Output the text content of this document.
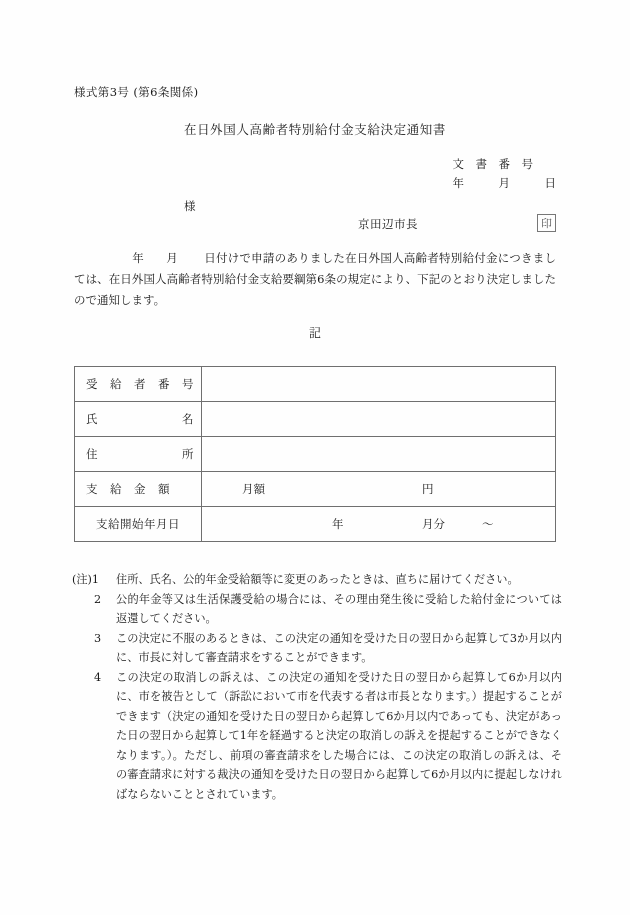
様式第3号 (第6条関係)
在日外国人高齢者特別給付金支給決定通知書
文　書　番　号
年　　　月　　　日
様
京田辺市長	印
年 月 日付けで申請のありました在日外国人高齢者特別給付金につきましては、在日外国人高齢者特別給付金支給要綱第6条の規定により、下記のとおり決定しましたので通知します。
記
受　給　者　番　号	

氏　　　　　　　名	

住　　　　　　　所	

支　給　金　額	月額 円

支給開始年月日	年 月分 ～
(注)1	住所、氏名、公的年金受給額等に変更のあったときは、直ちに届けてください。
2	公的年金等又は生活保護受給の場合には、その理由発生後に受給した給付金については返還してください。
3	この決定に不服のあるときは、この決定の通知を受けた日の翌日から起算して3か月以内に、市長に対して審査請求をすることができます。
4	この決定の取消しの訴えは、この決定の通知を受けた日の翌日から起算して6か月以内に、市を被告として（訴訟において市を代表する者は市長となります。）提起することができます（決定の通知を受けた日の翌日から起算して6か月以内であっても、決定があった日の翌日から起算して1年を経過すると決定の取消しの訴えを提起することができなくなります。）。ただし、前項の審査請求をした場合には、この決定の取消しの訴えは、その審査請求に対する裁決の通知を受けた日の翌日から起算して6か月以内に提起しなければならないこととされています。
